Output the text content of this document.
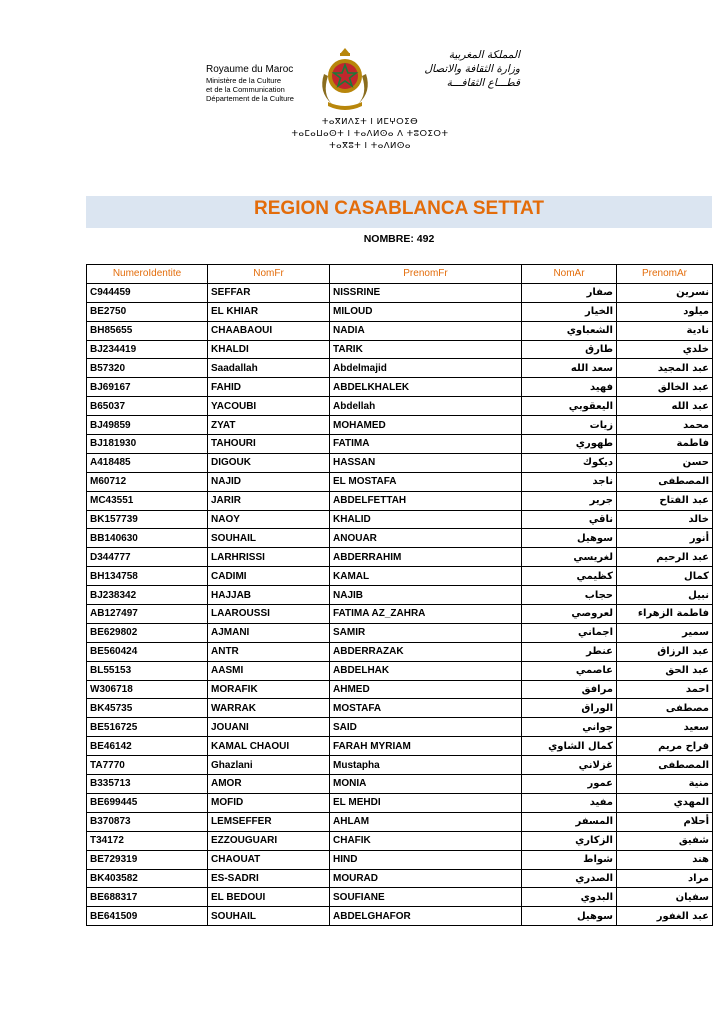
Royaume du Maroc
Ministère de la Culture
et de la Communication
Département de la Culture
المملكة المغربية
وزارة الثقافة والاتصال
قطـــاع الثقافـــة
ⵜⴰⴳⵍⴷⵉⵜ ⵏ ⵍⵎⵖⵔⵉⴱ
ⵜⴰⵎⴰⵡⴰⵙⵜ ⵏ ⵜⴰⴷⵍⵙⴰ ⴷ ⵜⵓⵔⵉⵔⵜ
ⵜⴰⴳⵓⵜ ⵏ ⵜⴰⴷⵍⵙⴰ
REGION CASABLANCA SETTAT
NOMBRE: 492
NumeroIdentite	NomFr	PrenomFr	NomAr	PrenomAr
C944459	SEFFAR	NISSRINE	صفار	نسرين
BE2750	EL KHIAR	MILOUD	الخيار	ميلود
BH85655	CHAABAOUI	NADIA	الشعباوي	نادية
BJ234419	KHALDI	TARIK	طارق	خلدي
B57320	Saadallah	Abdelmajid	سعد الله	عبد المجيد
BJ69167	FAHID	ABDELKHALEK	فهيد	عبد الخالق
B65037	YACOUBI	Abdellah	اليعقوبي	عبد الله
BJ49859	ZYAT	MOHAMED	زيات	محمد
BJ181930	TAHOURI	FATIMA	طهوري	فاطمة
A418485	DIGOUK	HASSAN	ديكوك	حسن
M60712	NAJID	EL MOSTAFA	ناجد	المصطفى
MC43551	JARIR	ABDELFETTAH	جرير	عبد الفتاح
BK157739	NAOY	KHALID	ناقي	خالد
BB140630	SOUHAIL	ANOUAR	سوهيل	أنور
D344777	LARHRISSI	ABDERRAHIM	لغريسي	عبد الرحيم
BH134758	CADIMI	KAMAL	كظيمي	كمال
BJ238342	HAJJAB	NAJIB	حجاب	نبيل
AB127497	LAAROUSSI	FATIMA AZ_ZAHRA	لعروصي	فاطمة الزهراء
BE629802	AJMANI	SAMIR	اجماني	سمير
BE560424	ANTR	ABDERRAZAK	عنطر	عبد الرزاق
BL55153	AASMI	ABDELHAK	عاصمي	عبد الحق
W306718	MORAFIK	AHMED	مرافق	احمد
BK45735	WARRAK	MOSTAFA	الوراق	مصطفى
BE516725	JOUANI	SAID	جواني	سعيد
BE46142	KAMAL CHAOUI	FARAH MYRIAM	كمال الشاوي	فراح مريم
TA7770	Ghazlani	Mustapha	غزلاني	المصطفى
B335713	AMOR	MONIA	عمور	منية
BE699445	MOFID	EL MEHDI	مفيد	المهدي
B370873	LEMSEFFER	AHLAM	المسفر	أحلام
T34172	EZZOUGUARI	CHAFIK	الزكاري	شفيق
BE729319	CHAOUAT	HIND	شواط	هند
BK403582	ES-SADRI	MOURAD	الصدري	مراد
BE688317	EL BEDOUI	SOUFIANE	البدوي	سفيان
BE641509	SOUHAIL	ABDELGHAFOR	سوهيل	عبد الغفور
